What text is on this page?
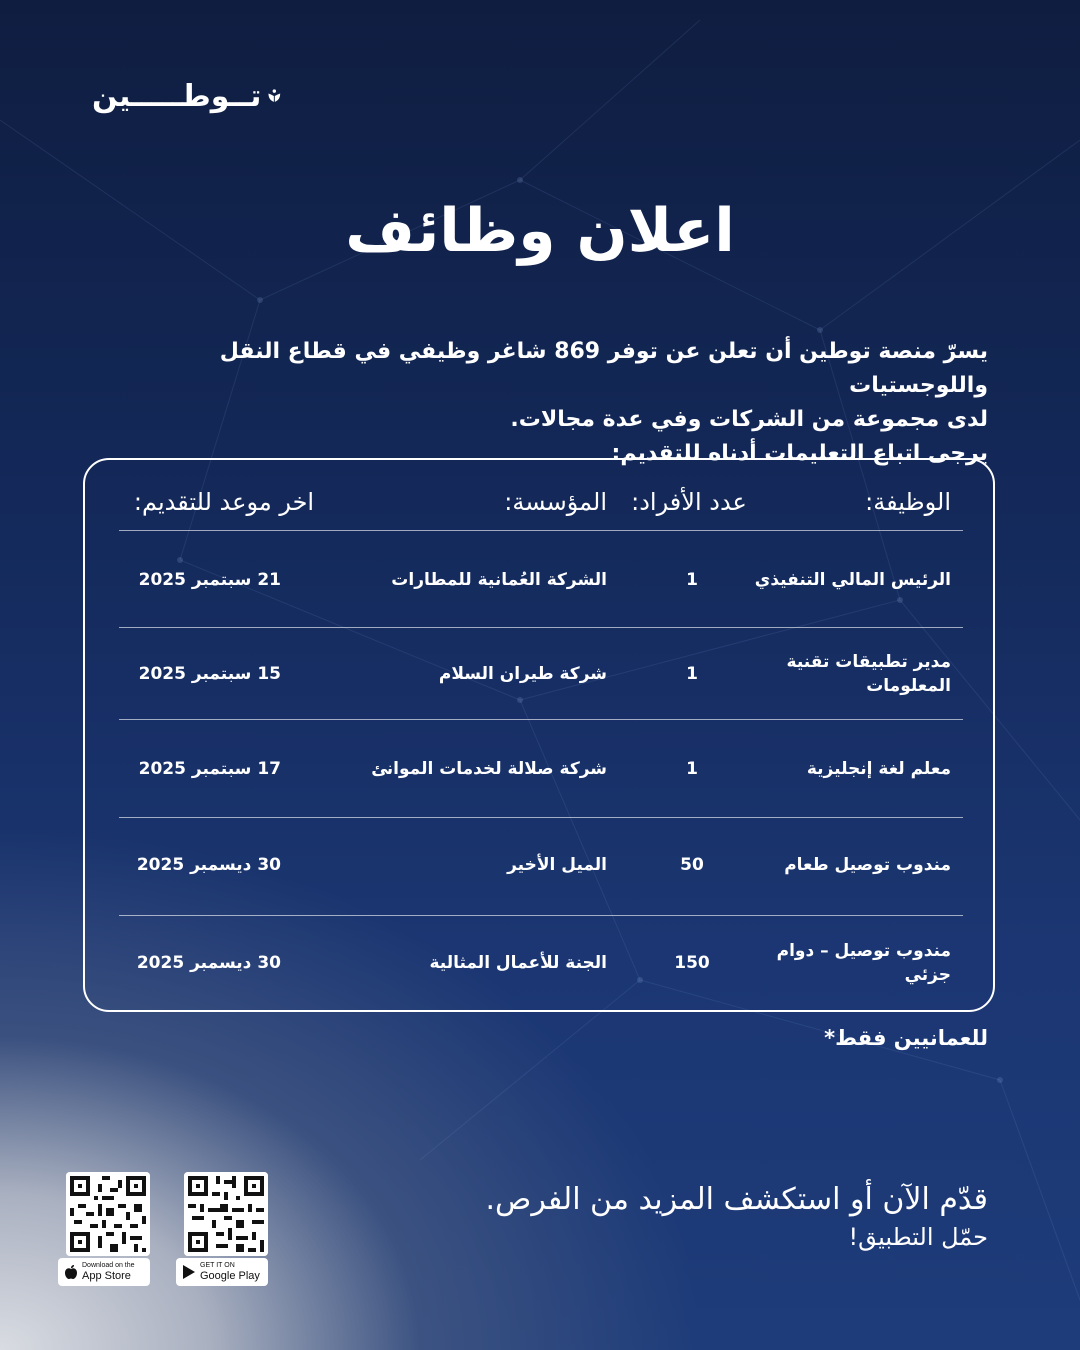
تــوطـــــين
اعلان وظائف

يسرّ منصة توطين أن تعلن عن توفر 869 شاغر وظيفي في قطاع النقل واللوجستيات

لدى مجموعة من الشركات وفي عدة مجالات.

يرجى اتباع التعليمات أدناه للتقديم:

الوظيفة:
عدد الأفراد:
المؤسسة:
اخر موعد للتقديم:
الرئيس المالي التنفيذي
1
الشركة العُمانية للمطارات
21 سبتمبر 2025
مدير تطبيقات تقنية المعلومات
1
شركة طيران السلام
15 سبتمبر 2025
معلم لغة إنجليزية
1
شركة صلالة لخدمات الموانئ
17 سبتمبر 2025
مندوب توصيل طعام
50
الميل الأخير
30 ديسمبر 2025
مندوب توصيل – دوام جزئي
150
الجنة للأعمال المثالية
30 ديسمبر 2025
للعمانيين فقط*
قدّم الآن أو استكشف المزيد من الفرص.
حمّل التطبيق!
GET IT ON
Google Play
Download on the
App Store
